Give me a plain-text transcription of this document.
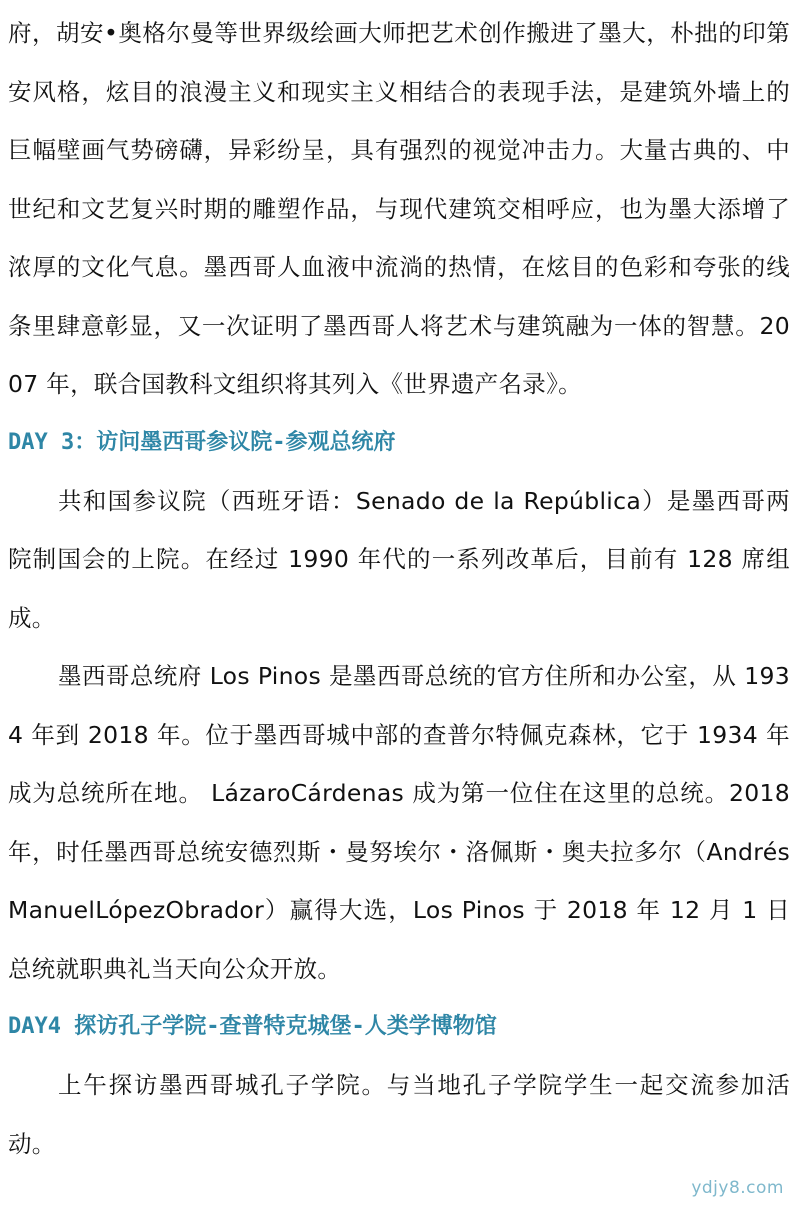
府，胡安•奥格尔曼等世界级绘画大师把艺术创作搬进了墨大，朴拙的印第安风格，炫目的浪漫主义和现实主义相结合的表现手法，是建筑外墙上的巨幅壁画气势磅礴，异彩纷呈，具有强烈的视觉冲击力。大量古典的、中世纪和文艺复兴时期的雕塑作品，与现代建筑交相呼应，也为墨大添增了浓厚的文化气息。墨西哥人血液中流淌的热情，在炫目的色彩和夸张的线条里肆意彰显，又一次证明了墨西哥人将艺术与建筑融为一体的智慧。2007 年，联合国教科文组织将其列入《世界遗产名录》。

DAY 3：访问墨西哥参议院-参观总统府

共和国参议院（西班牙语：Senado de la República）是墨西哥两院制国会的上院。在经过 1990 年代的一系列改革后，目前有 128 席组成。

墨西哥总统府 Los Pinos 是墨西哥总统的官方住所和办公室，从 1934 年到 2018 年。位于墨西哥城中部的查普尔特佩克森林，它于 1934 年成为总统所在地。 LázaroCárdenas 成为第一位住在这里的总统。2018 年，时任墨西哥总统安德烈斯・曼努埃尔・洛佩斯・奥夫拉多尔（AndrésManuelLópezObrador）赢得大选，Los Pinos 于 2018 年 12 月 1 日总统就职典礼当天向公众开放。

DAY4 探访孔子学院-查普特克城堡-人类学博物馆

上午探访墨西哥城孔子学院。与当地孔子学院学生一起交流参加活动。

ydjy8.com
